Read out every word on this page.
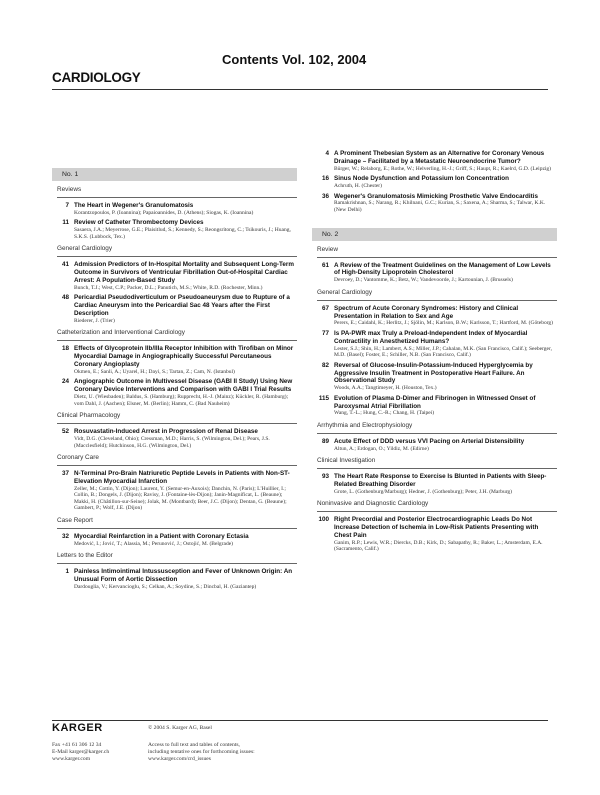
Contents Vol. 102, 2004
CARDIOLOGY
No. 1
Reviews
7 The Heart in Wegener's Granulomatosis
Korantzopoulos, P. (Ioannina); Papaioannides, D. (Athens); Siogas, K. (Ioannina)
11 Review of Catheter Thrombectomy Devices
Sasaera, J.A.; Meyerrose, G.E.; Plaisitlud, S.; Kennedy, S.; Reongsritong, C.; Tsikouris, J.; Huang, S.K.S. (Lubbock, Tex.)
General Cardiology
41 Admission Predictors of In-Hospital Mortality and Subsequent Long-Term Outcome in Survivors of Ventricular Fibrillation Out-of-Hospital Cardiac Arrest: A Population-Based Study
Bunch, T.J.; West, C.P.; Packer, D.L.; Panutich, M.S.; White, R.D. (Rochester, Minn.)
48 Pericardial Pseudodiverticulum or Pseudoaneurysm due to Rupture of a Cardiac Aneurysm into the Pericardial Sac 48 Years after the First Description
Riederer, J. (Trier)
Catheterization and Interventional Cardiology
18 Effects of Glycoprotein IIb/IIIa Receptor Inhibition with Tirofiban on Minor Myocardial Damage in Angiographically Successful Percutaneous Coronary Angioplasty
Okmen, E.; Sanli, A.; Uyarel, H.; Dayi, S.; Tartan, Z.; Cam, N. (Istanbul)
24 Angiographic Outcome in Multivessel Disease (GABI II Study) Using New Coronary Device Interventions and Comparison with GABI I Trial Results
Dietz, U. (Wiesbaden); Baldus, S. (Hamburg); Rupprecht, H.-J. (Mainz); Kückler, R. (Hamburg); vom Dahl, J. (Aachen); Elsner, M. (Berlin); Hamm, C. (Bad Nauheim)
Clinical Pharmacology
52 Rosuvastatin-Induced Arrest in Progression of Renal Disease
Vidt, D.G. (Cleveland, Ohio); Cressman, M.D.; Harris, S. (Wilmington, Del.); Pears, J.S. (Macclesfield); Hutchinson, H.G. (Wilmington, Del.)
Coronary Care
37 N-Terminal Pro-Brain Natriuretic Peptide Levels in Patients with Non-ST-Elevation Myocardial Infarction
Zeller, M.; Cottin, Y. (Dijon); Laurent, Y. (Semur-en-Auxois); Danchin, N. (Paris); L'Huillier, I.; Collin, B.; Dongels, J. (Dijon); Ravisy, J. (Fontaine-lès-Dijon); Janin-Magnificat, L. (Beaune); Makki, H. (Châtillon-sur-Seine); Jolak, M. (Montbard); Beer, J.C. (Dijon); Dentan, G. (Beaune); Gambert, P.; Wolf, J.E. (Dijon)
Case Report
32 Myocardial Reinfarction in a Patient with Coronary Ectasia
Medović, I.; Jović, T.; Alassia, M.; Perunović, J.; Ostojić, M. (Belgrade)
Letters to the Editor
1 Painless Intimointimal Intussusception and Fever of Unknown Origin: An Unusual Form of Aortic Dissection
Dardouglia, V.; Kervancioglu, S.; Celkan, A.; Soydine, S.; Dincbal, H. (Gaziantep)
4 A Prominent Thebesian System as an Alternative for Coronary Venous Drainage – Facilitated by a Metastatic Neuroendocrine Tumor?
Bürger, W.; Relaborg, E.; Rothe, W.; Helverling, H.-J.; Griff, S.; Haupt, R.; Kaelrd, G.D. (Leipzig)
16 Sinus Node Dysfunction and Potassium Ion Concentration
Achruth, H. (Chester)
36 Wegener's Granulomatosis Mimicking Prosthetic Valve Endocarditis
Ramakrishnan, S.; Narang, R.; Khilnani, G.C.; Kurian, S.; Saxena, A.; Sharma, S.; Talwar, K.K. (New Delhi)
No. 2
Review
61 A Review of the Treatment Guidelines on the Management of Low Levels of High-Density Lipoprotein Cholesterol
Devroey, D.; Vantomme, K.; Betz, W.; Vandevoorde, J.; Kartounian, J. (Brussels)
General Cardiology
67 Spectrum of Acute Coronary Syndromes: History and Clinical Presentation in Relation to Sex and Age
Perers, E.; Caidahl, K.; Herlitz, J.; Sjölin, M.; Karlson, B.W.; Karlsson, T.; Hartford, M. (Göteborg)
77 Is PA-PWR max Truly a Preload-Independent Index of Myocardial Contractility in Anesthetized Humans?
Lester, S.J.; Shin, H.; Lambert, A.S.; Miller, J.P.; Cahalan, M.K. (San Francisco, Calif.); Seeberger, M.D. (Basel); Foster, E.; Schiller, N.B. (San Francisco, Calif.)
82 Reversal of Glucose-Insulin-Potassium-Induced Hyperglycemia by Aggressive Insulin Treatment in Postoperative Heart Failure. An Observational Study
Woods, A.A.; Tangtimeyer, H. (Houston, Tex.)
115 Evolution of Plasma D-Dimer and Fibrinogen in Witnessed Onset of Paroxysmal Atrial Fibrillation
Wang, T.-L.; Hung, C.-R.; Chang, H. (Taipei)
Arrhythmia and Electrophysiology
89 Acute Effect of DDD versus VVI Pacing on Arterial Distensibility
Altun, A.; Erdogan, O.; Yildiz, M. (Edirne)
Clinical Investigation
93 The Heart Rate Response to Exercise Is Blunted in Patients with Sleep-Related Breathing Disorder
Grote, L. (Gothenburg/Marburg); Hedner, J. (Gothenburg); Peter, J.H. (Marburg)
Noninvasive and Diagnostic Cardiology
100 Right Precordial and Posterior Electrocardiographic Leads Do Not Increase Detection of Ischemia in Low-Risk Patients Presenting with Chest Pain
Ganim, R.P.; Lewis, W.R.; Diercks, D.B.; Kirk, D.; Sabapathy, R.; Baker, L.; Amsterdam, E.A. (Sacramento, Calif.)
KARGER
Fax +41 61 306 12 34
E-Mail karger@karger.ch
www.karger.com
© 2004 S. Karger AG, Basel
Access to full text and tables of contents,
including tentative ones for forthcoming issues:
www.karger.com/crd_issues
